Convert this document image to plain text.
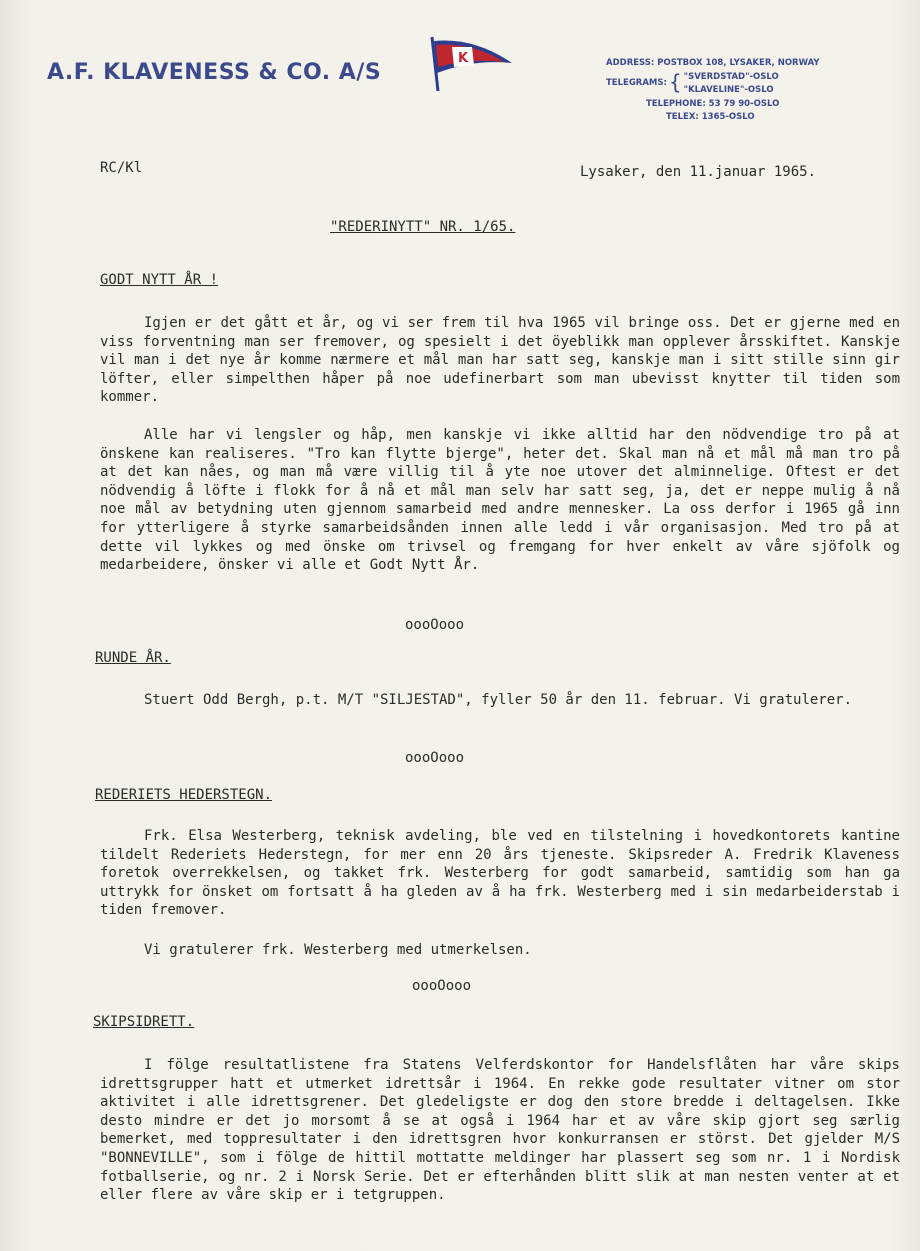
A.F. KLAVENESS & CO. A/S
K	ADDRESS: POSTBOX 108, LYSAKER, NORWAY
TELEGRAMS: { "SVERDSTAD"-OSLO
"KLAVELINE"-OSLO
TELEPHONE: 53 79 90-OSLO
TELEX: 1365-OSLO
RC/Kl	Lysaker, den 11.januar 1965.
"REDERINYTT" NR. 1/65.
GODT NYTT ÅR !

Igjen er det gått et år, og vi ser frem til hva 1965 vil bringe oss. Det er gjerne med en viss forventning man ser fremover, og spesielt i det öyeblikk man opplever årsskiftet. Kanskje vil man i det nye år komme nærmere et mål man har satt seg, kanskje man i sitt stille sinn gir löfter, eller simpelthen håper på noe udefinerbart som man ubevisst knytter til tiden som kommer.

Alle har vi lengsler og håp, men kanskje vi ikke alltid har den nödvendige tro på at önskene kan realiseres. "Tro kan flytte bjerge", heter det. Skal man nå et mål må man tro på at det kan nåes, og man må være villig til å yte noe utover det alminnelige. Oftest er det nödvendig å löfte i flokk for å nå et mål man selv har satt seg, ja, det er neppe mulig å nå noe mål av betydning uten gjennom samarbeid med andre mennesker. La oss derfor i 1965 gå inn for ytterligere å styrke samarbeidsånden innen alle ledd i vår organisasjon. Med tro på at dette vil lykkes og med önske om trivsel og fremgang for hver enkelt av våre sjöfolk og medarbeidere, önsker vi alle et Godt Nytt År.

oooOooo
RUNDE ÅR.

Stuert Odd Bergh, p.t. M/T "SILJESTAD", fyller 50 år den 11. februar. Vi gratulerer.

oooOooo
REDERIETS HEDERSTEGN.

Frk. Elsa Westerberg, teknisk avdeling, ble ved en tilstelning i hovedkontorets kantine tildelt Rederiets Hederstegn, for mer enn 20 års tjeneste. Skipsreder A. Fredrik Klaveness foretok overrekkelsen, og takket frk. Westerberg for godt samarbeid, samtidig som han ga uttrykk for önsket om fortsatt å ha gleden av å ha frk. Westerberg med i sin medarbeiderstab i tiden fremover.

Vi gratulerer frk. Westerberg med utmerkelsen.

oooOooo
SKIPSIDRETT.

I fölge resultatlistene fra Statens Velferdskontor for Handelsflåten har våre skips idrettsgrupper hatt et utmerket idrettsår i 1964. En rekke gode resultater vitner om stor aktivitet i alle idrettsgrener. Det gledeligste er dog den store bredde i deltagelsen. Ikke desto mindre er det jo morsomt å se at også i 1964 har et av våre skip gjort seg særlig bemerket, med toppresultater i den idrettsgren hvor konkurransen er störst. Det gjelder M/S "BONNEVILLE", som i fölge de hittil mottatte meldinger har plassert seg som nr. 1 i Nordisk fotballserie, og nr. 2 i Norsk Serie. Det er efterhånden blitt slik at man nesten venter at et eller flere av våre skip er i tetgruppen.
